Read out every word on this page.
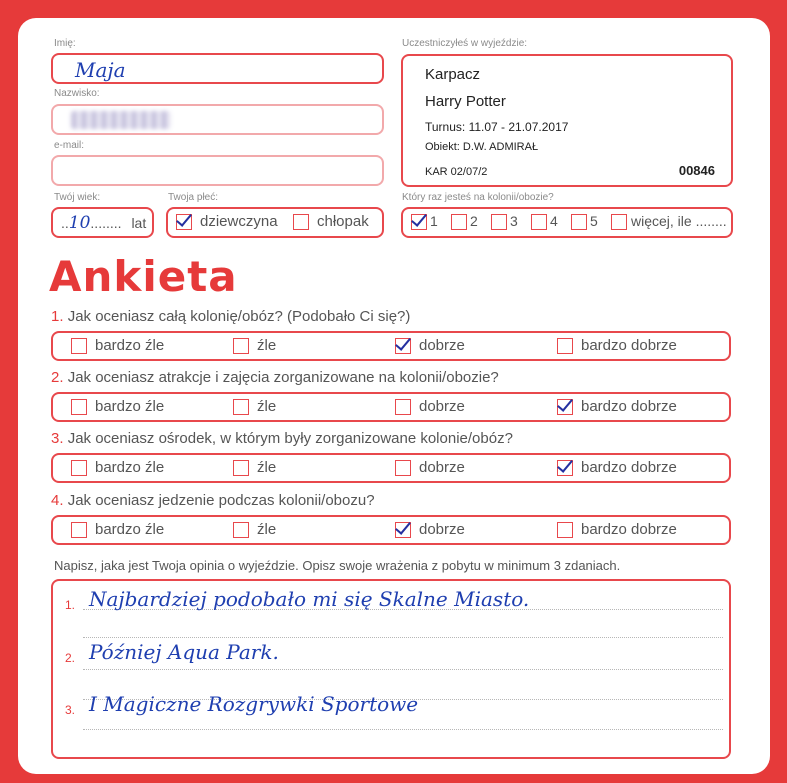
Imię:
Maja
Nazwisko:
e-mail:
Twój wiek:
..10........ lat
Twoja płeć:
dziewczyna	chłopak
Uczestniczyłeś w wyjeździe:
Karpacz
Harry Potter
Turnus: 11.07 - 21.07.2017
Obiekt: D.W. ADMIRAŁ
KAR 02/07/2	00846
Który raz jesteś na kolonii/obozie?
1	2	3	4	5	więcej, ile ........
Ankieta
1. Jak oceniasz całą kolonię/obóz? (Podobało Ci się?)
bardzo źle	źle	dobrze	bardzo dobrze
2. Jak oceniasz atrakcje i zajęcia zorganizowane na kolonii/obozie?
bardzo źle	źle	dobrze	bardzo dobrze
3. Jak oceniasz ośrodek, w którym były zorganizowane kolonie/obóz?
bardzo źle	źle	dobrze	bardzo dobrze
4. Jak oceniasz jedzenie podczas kolonii/obozu?
bardzo źle	źle	dobrze	bardzo dobrze
Napisz, jaka jest Twoja opinia o wyjeździe. Opisz swoje wrażenia z pobytu w minimum 3 zdaniach.
1. Najbardziej podobało mi się Skalne Miasto.
2. Później Aqua Park.
3. I Magiczne Rozgrywki Sportowe
